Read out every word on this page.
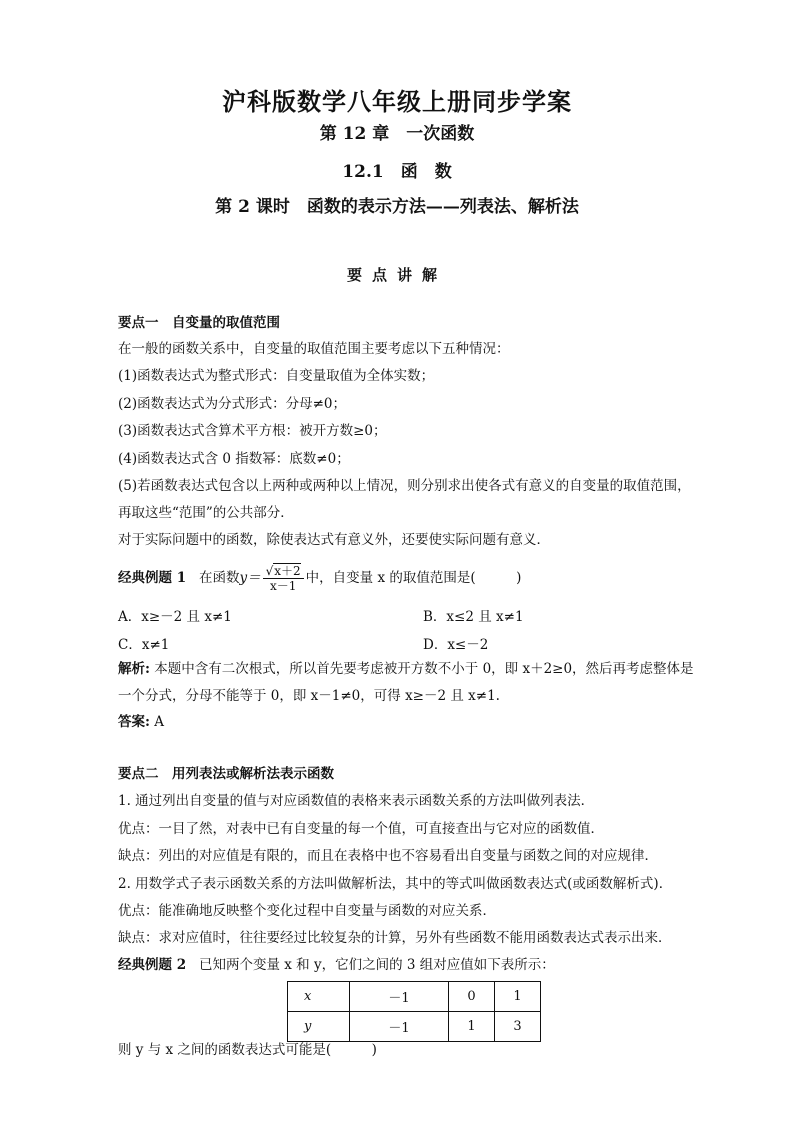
沪科版数学八年级上册同步学案
第 12 章　一次函数
12.1　函　数
第 2 课时　函数的表示方法——列表法、解析法
要点讲解
要点一　自变量的取值范围
在一般的函数关系中，自变量的取值范围主要考虑以下五种情况：
(1)函数表达式为整式形式：自变量取值为全体实数；
(2)函数表达式为分式形式：分母≠0；
(3)函数表达式含算术平方根：被开方数≥0；
(4)函数表达式含 0 指数幂：底数≠0；
(5)若函数表达式包含以上两种或两种以上情况，则分别求出使各式有意义的自变量的取值范围，
再取这些“范围”的公共部分．
对于实际问题中的函数，除使表达式有意义外，还要使实际问题有意义．
经典例题 1 在函数$y= \frac{√x+2}{x-1}$ 中，自变量 x 的取值范围是(　　　)
A．x≥－2 且 x≠1	B．x≤2 且 x≠1
C．x≠1	D．x≤－2
解析: 本题中含有二次根式，所以首先要考虑被开方数不小于 0，即 x＋2≥0，然后再考虑整体是
一个分式，分母不能等于 0，即 x－1≠0，可得 x≥－2 且 x≠1.
答案: A
要点二　用列表法或解析法表示函数
1. 通过列出自变量的值与对应函数值的表格来表示函数关系的方法叫做列表法．
优点：一目了然，对表中已有自变量的每一个值，可直接查出与它对应的函数值．
缺点：列出的对应值是有限的，而且在表格中也不容易看出自变量与函数之间的对应规律．
2. 用数学式子表示函数关系的方法叫做解析法，其中的等式叫做函数表达式(或函数解析式)．
优点：能准确地反映整个变化过程中自变量与函数的对应关系．
缺点：求对应值时，往往要经过比较复杂的计算，另外有些函数不能用函数表达式表示出来．
经典例题 2 已知两个变量 x 和 y，它们之间的 3 组对应值如下表所示：
x	－1	0	1
y	－1	1	3
则 y 与 x 之间的函数表达式可能是(　　　)
